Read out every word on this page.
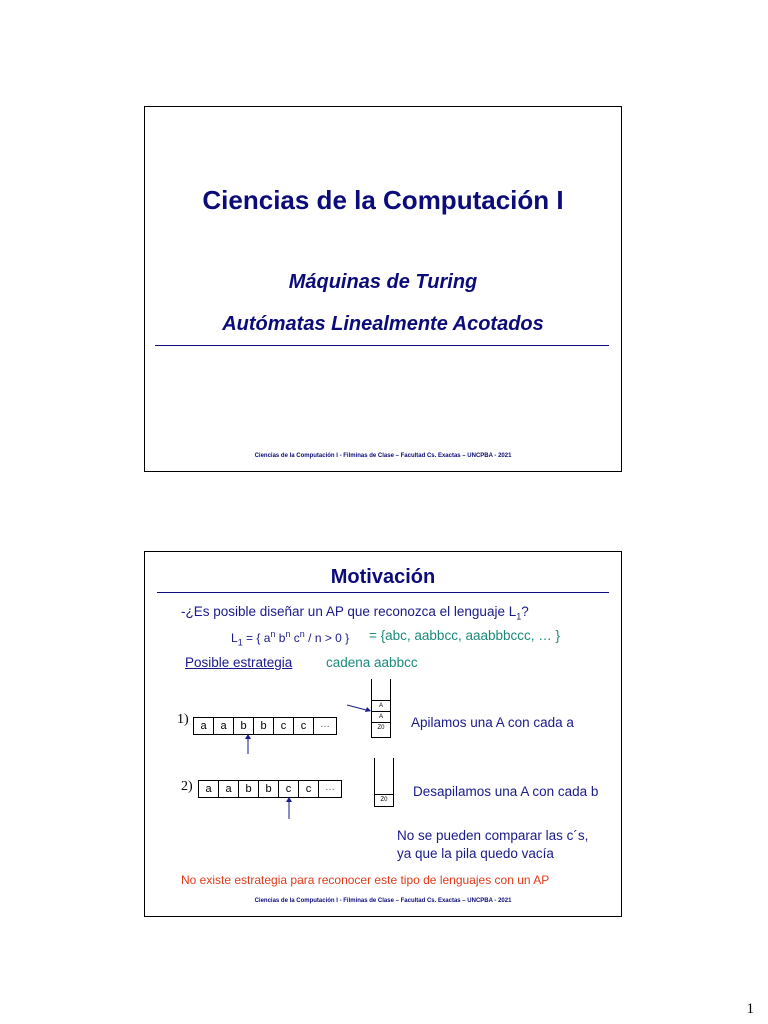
Ciencias de la Computación I
Máquinas de Turing
Autómatas Linealmente Acotados
Ciencias de la Computación I - Filminas de Clase – Facultad Cs. Exactas – UNCPBA - 2021
Motivación
-¿Es posible diseñar un AP que reconozca el lenguaje $L_1$?
$L_1$ = { $a^n$ $b^n$ $c^n / n > 0$ } = {abc, aabbcc, aaabbbccc, … }
Posible estrategia cadena aabbcc
1)	a	a	b	b	c	c	…
A
A
Z0	Apilamos una A con cada a
2)	a	a	b	b	c	c	…
Z0
Desapilamos una A con cada b
No se pueden comparar las c´s,
ya que la pila quedo vacía
No existe estrategia para reconocer este tipo de lenguajes con un AP
Ciencias de la Computación I - Filminas de Clase – Facultad Cs. Exactas – UNCPBA - 2021
1
